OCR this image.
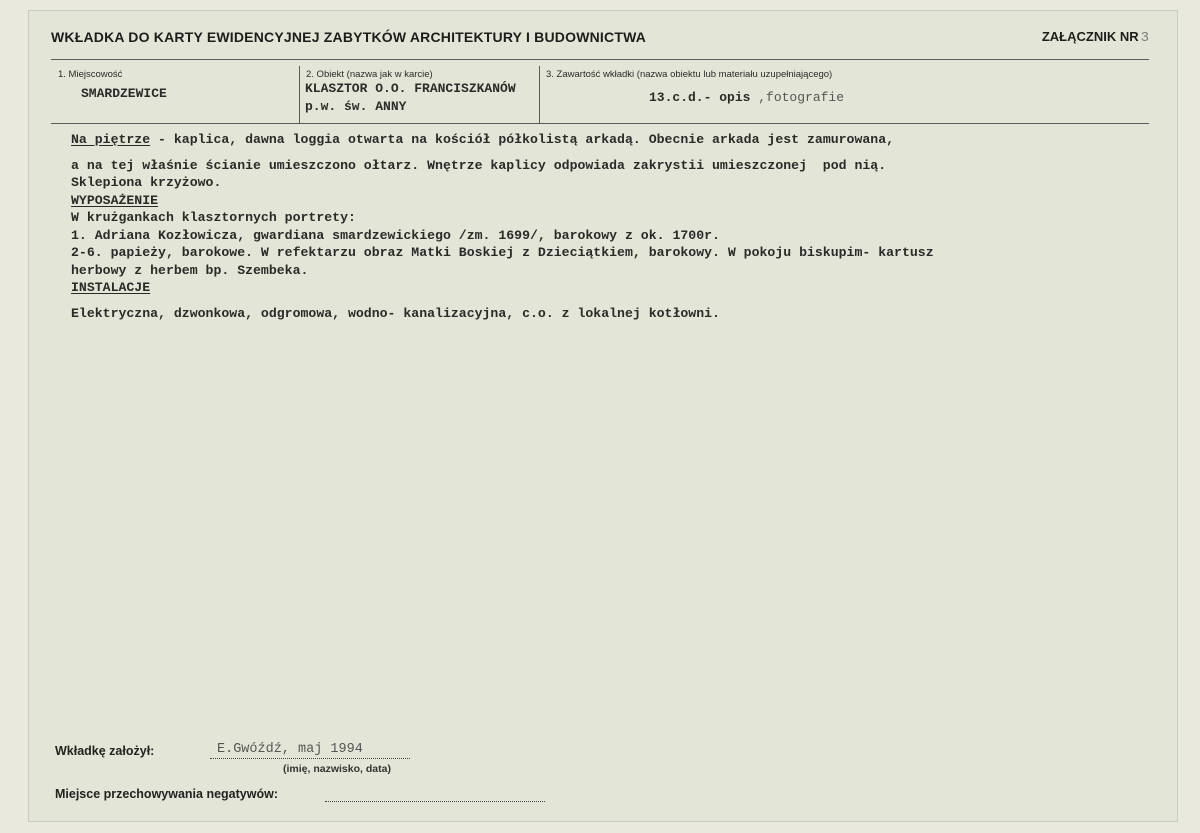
WKŁADKA DO KARTY EWIDENCYJNEJ ZABYTKÓW ARCHITEKTURY I BUDOWNICTWA	ZAŁĄCZNIK NR 3
1. Miejscowość
SMARDZEWICE
2. Obiekt (nazwa jak w karcie)
KLASZTOR O.O. FRANCISZKANÓW
p.w. św. ANNY
3. Zawartość wkładki (nazwa obiektu lub materiału uzupełniającego)
13.c.d.- opis ,fotografie
Na piętrze - kaplica, dawna loggia otwarta na kościół półkolistą arkadą. Obecnie arkada jest zamurowana,
a na tej właśnie ścianie umieszczono ołtarz. Wnętrze kaplicy odpowiada zakrystii umieszczonej  pod nią.
Sklepiona krzyżowo.
WYPOSAŻENIE
W krużgankach klasztornych portrety:
1. Adriana Kozłowicza, gwardiana smardzewickiego /zm. 1699/, barokowy z ok. 1700r.
2-6. papieży, barokowe. W refektarzu obraz Matki Boskiej z Dzieciątkiem, barokowy. W pokoju biskupim- kartusz
herbowy z herbem bp. Szembeka.
INSTALACJE
Elektryczna, dzwonkowa, odgromowa, wodno- kanalizacyjna, c.o. z lokalnej kotłowni.
Wkładkę założył:	E.Gwóźdź, maj 1994
(imię, nazwisko, data)
Miejsce przechowywania negatywów:
